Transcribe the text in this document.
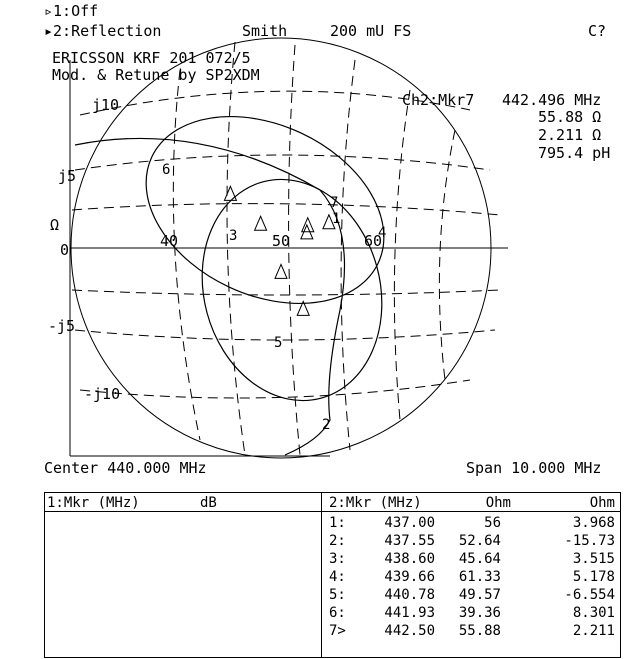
▹1:Off
▸2:Reflection	Smith	200 mU FS	C?
j10
j5
Ω
0	40	50	60
-j5
-j10
ERICSSON KRF 201 072/5
Mod. & Retune by SP2XDM
Ch2:Mkr7 442.496 MHz
55.88 Ω
2.211 Ω
795.4 pH
6
3
7
1
4
5
2
Center 440.000 MHz	Span 10.000 MHz
1:Mkr (MHz)	dB	2:Mkr (MHz)	Ohm	Ohm
1:	437.00	56	3.968
2:	437.55	52.64	-15.73
3:	438.60	45.64	3.515
4:	439.66	61.33	5.178
5:	440.78	49.57	-6.554
6:	441.93	39.36	8.301
7>	442.50	55.88	2.211
